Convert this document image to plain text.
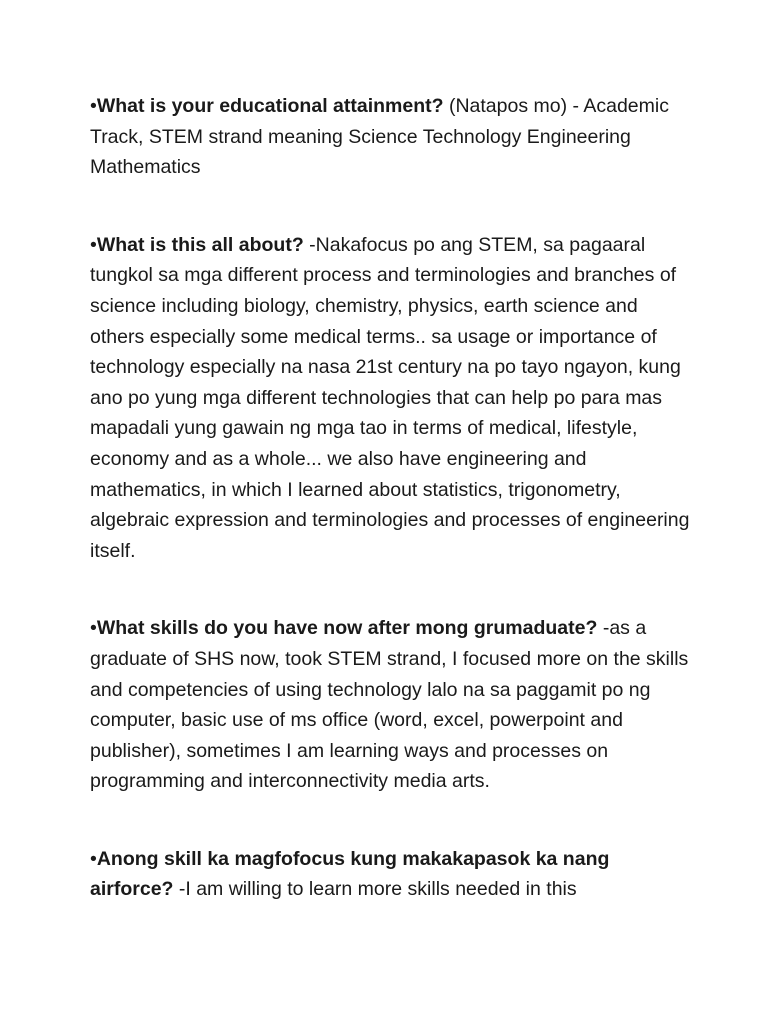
•What is your educational attainment? (Natapos mo) - Academic Track, STEM strand meaning Science Technology Engineering Mathematics

•What is this all about? -Nakafocus po ang STEM, sa pagaaral tungkol sa mga different process and terminologies and branches of science including biology, chemistry, physics, earth science and others especially some medical terms.. sa usage or importance of technology especially na nasa 21st century na po tayo ngayon, kung ano po yung mga different technologies that can help po para mas mapadali yung gawain ng mga tao in terms of medical, lifestyle, economy and as a whole... we also have engineering and mathematics, in which I learned about statistics, trigonometry, algebraic expression and terminologies and processes of engineering itself.

•What skills do you have now after mong grumaduate? -as a graduate of SHS now, took STEM strand, I focused more on the skills and competencies of using technology lalo na sa paggamit po ng computer, basic use of ms office (word, excel, powerpoint and publisher), sometimes I am learning ways and processes on programming and interconnectivity media arts.

•Anong skill ka magfofocus kung makakapasok ka nang airforce? -I am willing to learn more skills needed in this
